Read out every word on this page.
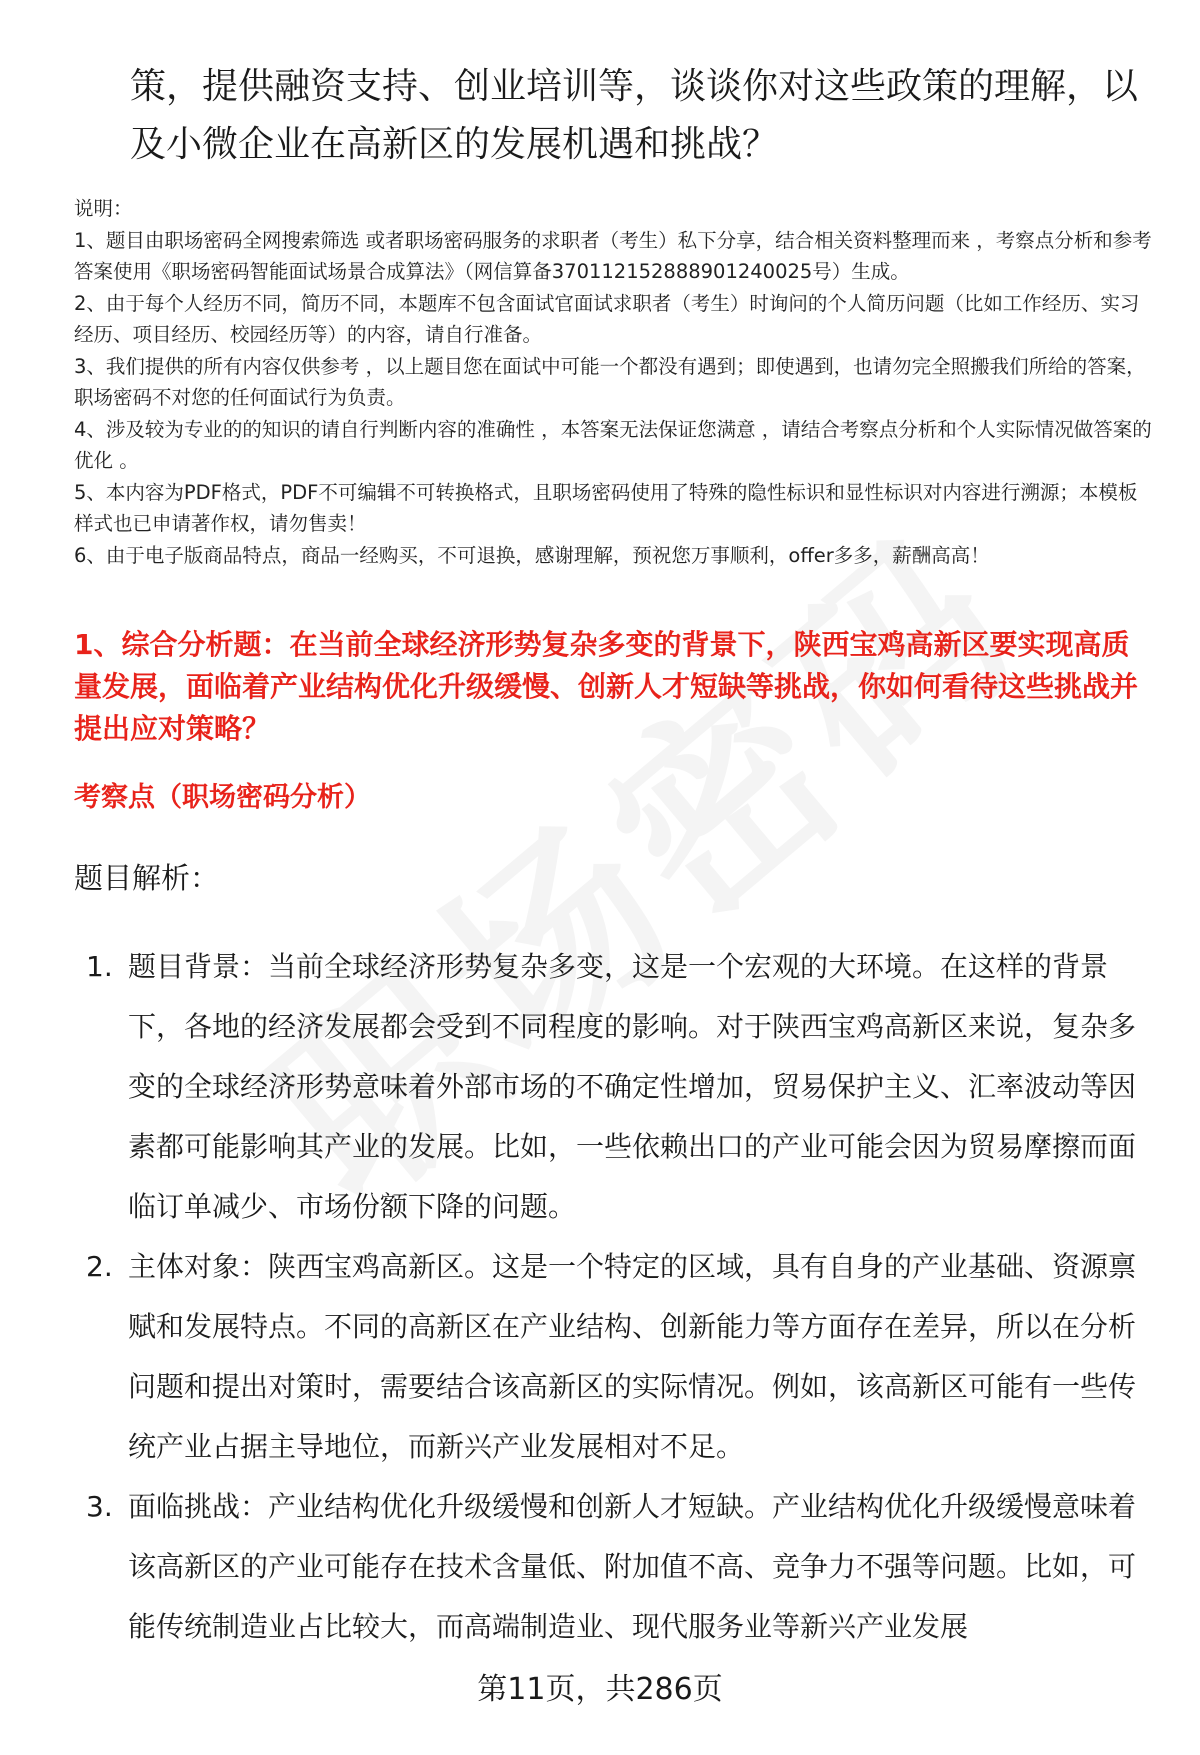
策，提供融资支持、创业培训等，谈谈你对这些政策的理解，以及小微企业在高新区的发展机遇和挑战？

说明：

1、题目由职场密码全网搜索筛选 或者职场密码服务的求职者（考生）私下分享，结合相关资料整理而来 ，考察点分析和参考答案使用《职场密码智能面试场景合成算法》（网信算备370112152888901240025号）生成。

2、由于每个人经历不同，简历不同，本题库不包含面试官面试求职者（考生）时询问的个人简历问题（比如工作经历、实习经历、项目经历、校园经历等）的内容，请自行准备。

3、我们提供的所有内容仅供参考 ，以上题目您在面试中可能一个都没有遇到；即使遇到，也请勿完全照搬我们所给的答案，职场密码不对您的任何面试行为负责。

4、涉及较为专业的的知识的请自行判断内容的准确性 ，本答案无法保证您满意 ，请结合考察点分析和个人实际情况做答案的优化 。

5、本内容为PDF格式，PDF不可编辑不可转换格式，且职场密码使用了特殊的隐性标识和显性标识对内容进行溯源；本模板样式也已申请著作权，请勿售卖！

6、由于电子版商品特点，商品一经购买，不可退换，感谢理解，预祝您万事顺利，offer多多，薪酬高高！

1、综合分析题：在当前全球经济形势复杂多变的背景下，陕西宝鸡高新区要实现高质量发展，面临着产业结构优化升级缓慢、创新人才短缺等挑战，你如何看待这些挑战并提出应对策略？
考察点（职场密码分析）
题目解析：
1. 题目背景：当前全球经济形势复杂多变，这是一个宏观的大环境。在这样的背景下，各地的经济发展都会受到不同程度的影响。对于陕西宝鸡高新区来说，复杂多变的全球经济形势意味着外部市场的不确定性增加，贸易保护主义、汇率波动等因素都可能影响其产业的发展。比如，一些依赖出口的产业可能会因为贸易摩擦而面临订单减少、市场份额下降的问题。
2. 主体对象：陕西宝鸡高新区。这是一个特定的区域，具有自身的产业基础、资源禀赋和发展特点。不同的高新区在产业结构、创新能力等方面存在差异，所以在分析问题和提出对策时，需要结合该高新区的实际情况。例如，该高新区可能有一些传统产业占据主导地位，而新兴产业发展相对不足。
3. 面临挑战：产业结构优化升级缓慢和创新人才短缺。产业结构优化升级缓慢意味着该高新区的产业可能存在技术含量低、附加值不高、竞争力不强等问题。比如，可能传统制造业占比较大，而高端制造业、现代服务业等新兴产业发展
第11页，共286页
